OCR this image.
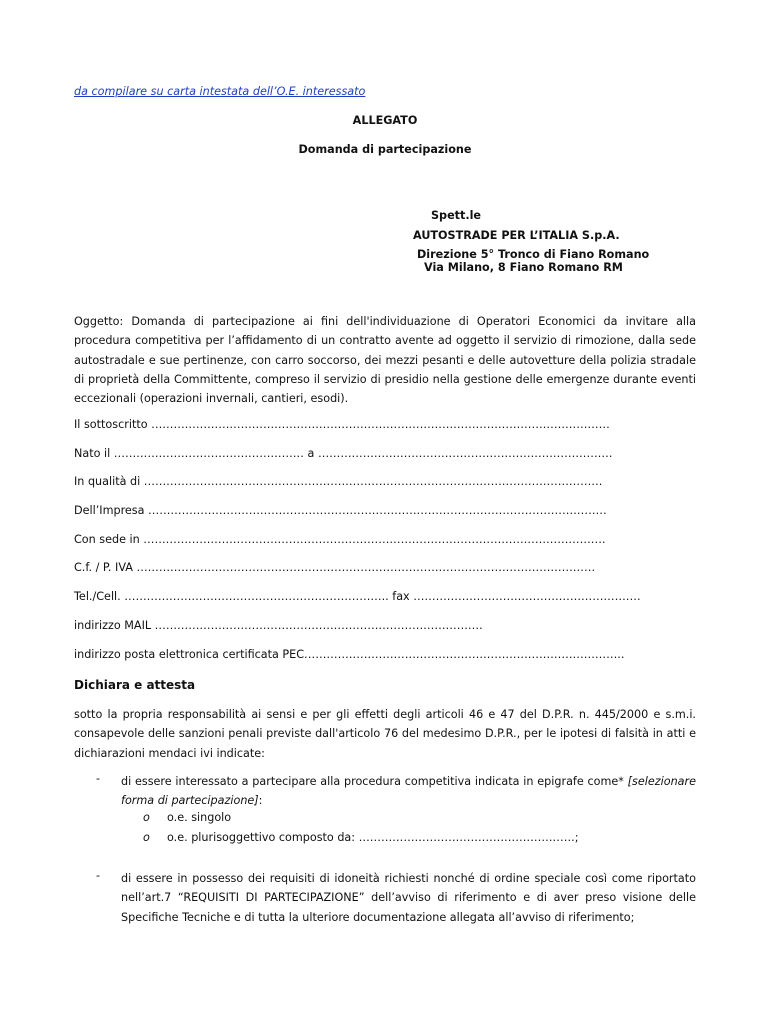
da compilare su carta intestata dell’O.E. interessato
ALLEGATO
Domanda di partecipazione
Spett.le
AUTOSTRADE PER L’ITALIA S.p.A.
Direzione 5° Tronco di Fiano Romano
Via Milano, 8 Fiano Romano RM
Oggetto: Domanda di partecipazione ai fini dell'individuazione di Operatori Economici da invitare alla procedura competitiva per l’affidamento di un contratto avente ad oggetto il servizio di rimozione, dalla sede autostradale e sue pertinenze, con carro soccorso, dei mezzi pesanti e delle autovetture della polizia stradale di proprietà della Committente, compreso il servizio di presidio nella gestione delle emergenze durante eventi eccezionali (operazioni invernali, cantieri, esodi).
Il sottoscritto ……………………………………………………………………………………………………………
Nato il …………………………………………… a …………………………………………………………………….
In qualità di ……………………………………………………………………………………………………………
Dell’Impresa ……………………………………………………………………………………………………………
Con sede in …………………………………………………………………………………………………………….
C.f. / P. IVA ……………………………………………………………………………………………………………
Tel./Cell. …………………………………………………………….. fax …………………………………………………….
indirizzo MAIL …………………………………………………………………………….
indirizzo posta elettronica certificata PEC…………………………………………………………………………..
Dichiara e attesta
sotto la propria responsabilità ai sensi e per gli effetti degli articoli 46 e 47 del D.P.R. n. 445/2000 e s.m.i. consapevole delle sanzioni penali previste dall'articolo 76 del medesimo D.P.R., per le ipotesi di falsità in atti e dichiarazioni mendaci ivi indicate:
- di essere interessato a partecipare alla procedura competitiva indicata in epigrafe come* [selezionare forma di partecipazione]:
o o.e. singolo
o o.e. plurisoggettivo composto da: ………………………………………………….;
- di essere in possesso dei requisiti di idoneità richiesti nonché di ordine speciale così come riportato nell’art.7 “REQUISITI DI PARTECIPAZIONE” dell’avviso di riferimento e di aver preso visione delle Specifiche Tecniche e di tutta la ulteriore documentazione allegata all’avviso di riferimento;
